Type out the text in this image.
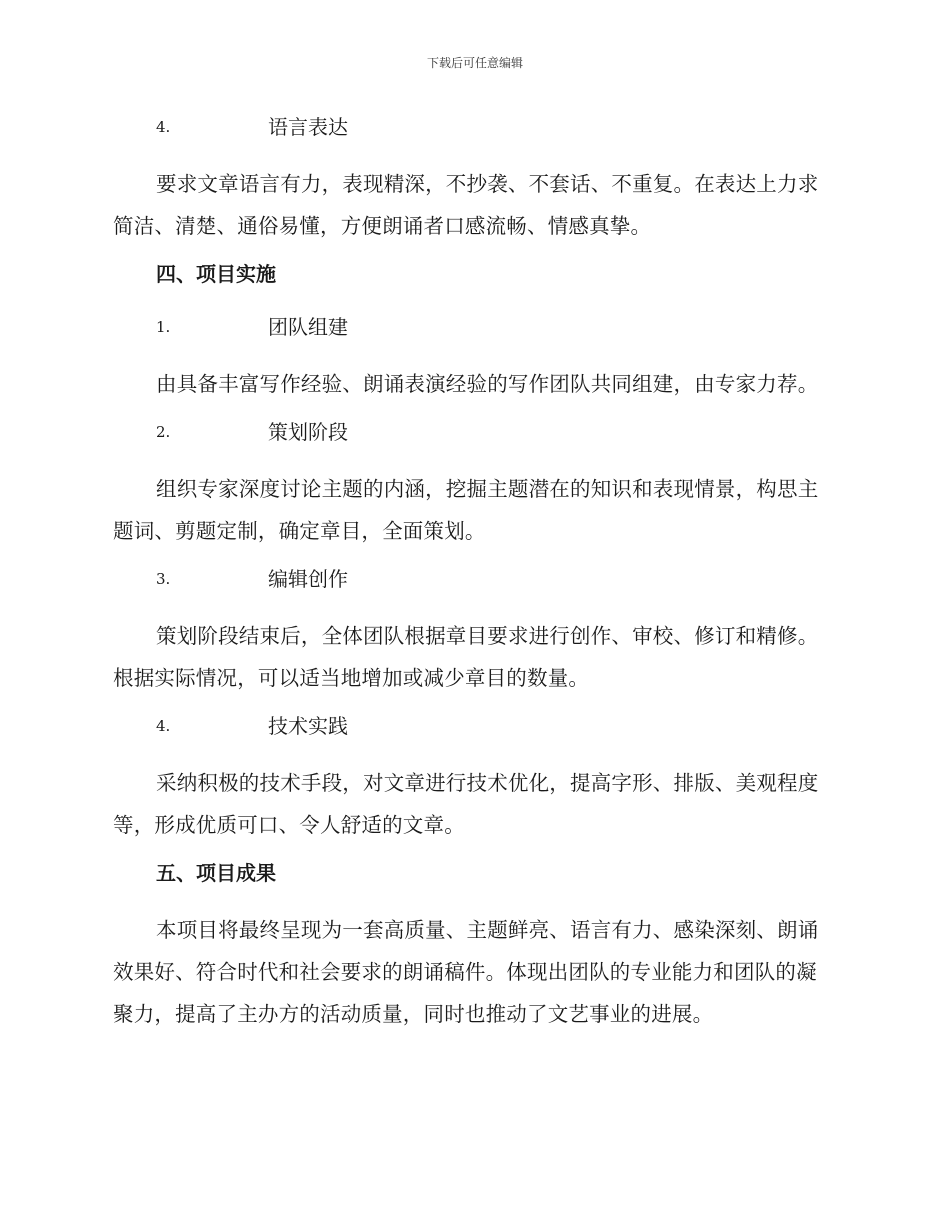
下载后可任意编辑
4.	语言表达

要求文章语言有力，表现精深，不抄袭、不套话、不重复。在表达上力求简洁、清楚、通俗易懂，方便朗诵者口感流畅、情感真挚。

四、项目实施
1.	团队组建

由具备丰富写作经验、朗诵表演经验的写作团队共同组建，由专家力荐。

2.	策划阶段

组织专家深度讨论主题的内涵，挖掘主题潜在的知识和表现情景，构思主题词、剪题定制，确定章目，全面策划。

3.	编辑创作

策划阶段结束后，全体团队根据章目要求进行创作、审校、修订和精修。根据实际情况，可以适当地增加或减少章目的数量。

4.	技术实践

采纳积极的技术手段，对文章进行技术优化，提高字形、排版、美观程度等，形成优质可口、令人舒适的文章。

五、项目成果

本项目将最终呈现为一套高质量、主题鲜亮、语言有力、感染深刻、朗诵效果好、符合时代和社会要求的朗诵稿件。体现出团队的专业能力和团队的凝聚力，提高了主办方的活动质量，同时也推动了文艺事业的进展。
